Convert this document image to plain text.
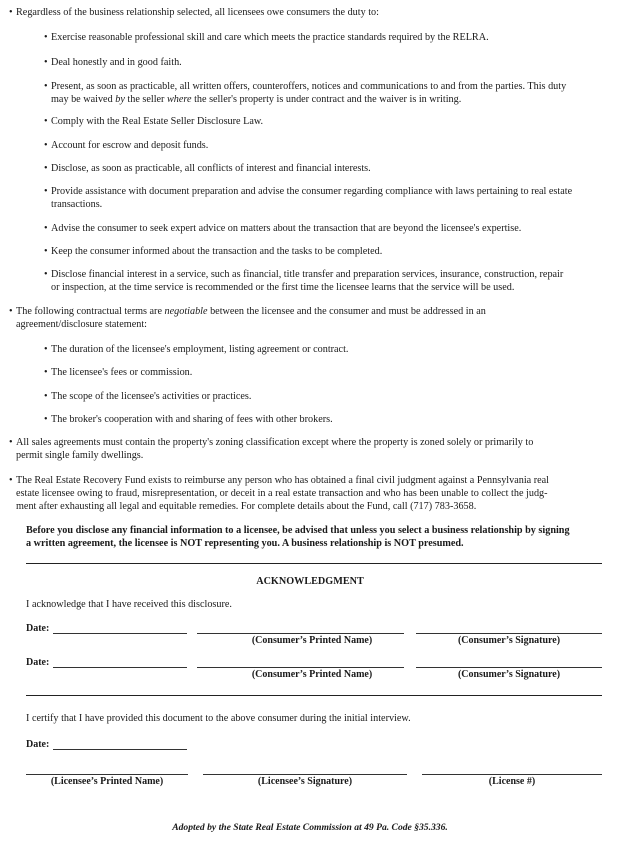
• Regardless of the business relationship selected, all licensees owe consumers the duty to:
• Exercise reasonable professional skill and care which meets the practice standards required by the RELRA.
• Deal honestly and in good faith.
• Present, as soon as practicable, all written offers, counteroffers, notices and communications to and from the parties. This duty
may be waived by the seller where the seller's property is under contract and the waiver is in writing.
• Comply with the Real Estate Seller Disclosure Law.
• Account for escrow and deposit funds.
• Disclose, as soon as practicable, all conflicts of interest and financial interests.
• Provide assistance with document preparation and advise the consumer regarding compliance with laws pertaining to real estate
transactions.
• Advise the consumer to seek expert advice on matters about the transaction that are beyond the licensee's expertise.
• Keep the consumer informed about the transaction and the tasks to be completed.
• Disclose financial interest in a service, such as financial, title transfer and preparation services, insurance, construction, repair
or inspection, at the time service is recommended or the first time the licensee learns that the service will be used.
• The following contractual terms are negotiable between the licensee and the consumer and must be addressed in an
agreement/disclosure statement:
• The duration of the licensee's employment, listing agreement or contract.
• The licensee's fees or commission.
• The scope of the licensee's activities or practices.
• The broker's cooperation with and sharing of fees with other brokers.
• All sales agreements must contain the property's zoning classification except where the property is zoned solely or primarily to
permit single family dwellings.
• The Real Estate Recovery Fund exists to reimburse any person who has obtained a final civil judgment against a Pennsylvania real
estate licensee owing to fraud, misrepresentation, or deceit in a real estate transaction and who has been unable to collect the judg-
ment after exhausting all legal and equitable remedies. For complete details about the Fund, call (717) 783-3658.
Before you disclose any financial information to a licensee, be advised that unless you select a business relationship by signing
a written agreement, the licensee is NOT representing you. A business relationship is NOT presumed.
ACKNOWLEDGMENT
I acknowledge that I have received this disclosure.
Date:
(Consumer’s Printed Name)	(Consumer’s Signature)
Date:
(Consumer’s Printed Name)	(Consumer’s Signature)
I certify that I have provided this document to the above consumer during the initial interview.
Date:
(Licensee’s Printed Name)	(Licensee’s Signature)	(License #)
Adopted by the State Real Estate Commission at 49 Pa. Code §35.336.
